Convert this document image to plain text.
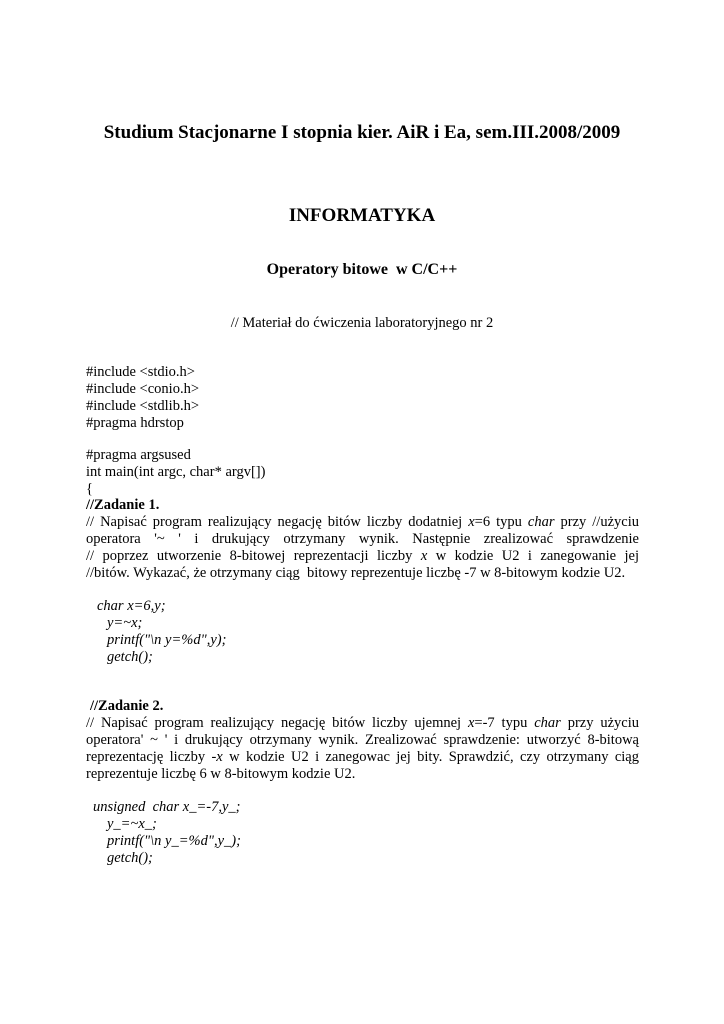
Studium Stacjonarne I stopnia kier. AiR i Ea, sem.III.2008/2009
INFORMATYKA
Operatory bitowe  w C/C++
// Materiał do ćwiczenia laboratoryjnego nr 2
#include <stdio.h>
#include <conio.h>
#include <stdlib.h>
#pragma hdrstop
#pragma argsused
int main(int argc, char* argv[])
{
//Zadanie 1.
// Napisać program realizujący negację bitów liczby dodatniej x=6 typu char przy //użyciu
operatora '~ ' i drukujący otrzymany wynik. Następnie zrealizować sprawdzenie
// poprzez utworzenie 8-bitowej reprezentacji liczby x w kodzie U2 i zanegowanie jej
//bitów. Wykazać, że otrzymany ciąg  bitowy reprezentuje liczbę -7 w 8-bitowym kodzie U2.
char x=6,y;
y=~x;
printf("\n y=%d",y);
getch();
//Zadanie 2.
// Napisać program realizujący negację bitów liczby ujemnej x=-7 typu char przy użyciu
operatora' ~ ' i drukujący otrzymany wynik. Zrealizować sprawdzenie: utworzyć 8-bitową
reprezentację liczby -x w kodzie U2 i zanegowac jej bity. Sprawdzić, czy otrzymany ciąg
reprezentuje liczbę 6 w 8-bitowym kodzie U2.
unsigned  char x_=-7,y_;
y_=~x_;
printf("\n y_=%d",y_);
getch();
